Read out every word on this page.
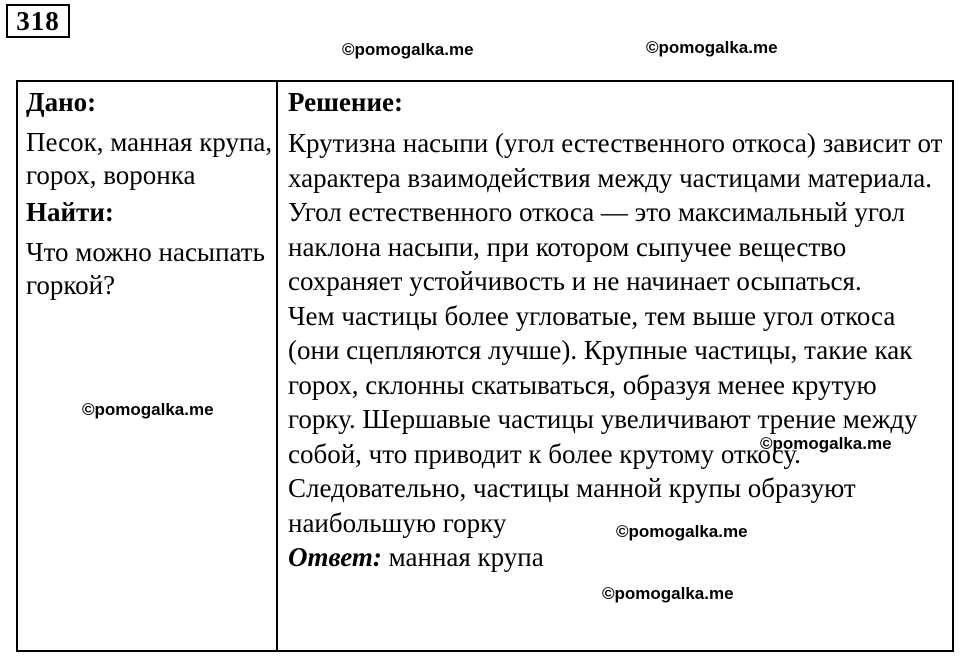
318
©pomogalka.me	©pomogalka.me
Дано:
Песок, манная крупа, горох, воронка
Найти:
Что можно насыпать горкой?
Решение:
Крутизна насыпи (угол естественного откоса) зависит от характера взаимодействия между частицами материала. Угол естественного откоса — это максимальный угол наклона насыпи, при котором сыпучее вещество сохраняет устойчивость и не начинает осыпаться.
Чем частицы более угловатые, тем выше угол откоса (они сцепляются лучше). Крупные частицы, такие как горох, склонны скатываться, образуя менее крутую горку. Шершавые частицы увеличивают трение между собой, что приводит к более крутому откосу.
Следовательно, частицы манной крупы образуют наибольшую горку
Ответ: манная крупа
©pomogalka.me
©pomogalka.me
©pomogalka.me
©pomogalka.me
